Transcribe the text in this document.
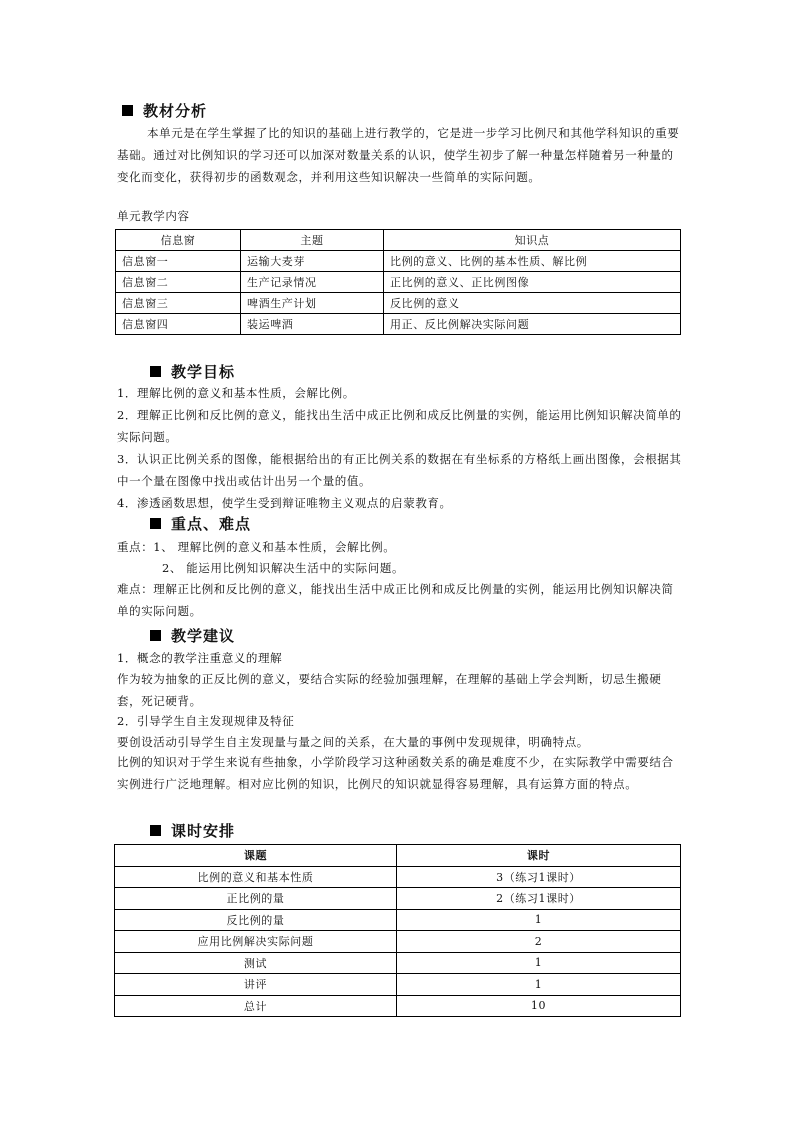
教材分析
本单元是在学生掌握了比的知识的基础上进行教学的，它是进一步学习比例尺和其他学科知识的重要基础。通过对比例知识的学习还可以加深对数量关系的认识，使学生初步了解一种量怎样随着另一种量的变化而变化，获得初步的函数观念，并利用这些知识解决一些简单的实际问题。
单元教学内容
信息窗	主题	知识点
信息窗一	运输大麦芽	比例的意义、比例的基本性质、解比例
信息窗二	生产记录情况	正比例的意义、正比例图像
信息窗三	啤酒生产计划	反比例的意义
信息窗四	装运啤酒	用正、反比例解决实际问题
教学目标
1．理解比例的意义和基本性质，会解比例。
2．理解正比例和反比例的意义，能找出生活中成正比例和成反比例量的实例，能运用比例知识解决简单的实际问题。
3．认识正比例关系的图像，能根据给出的有正比例关系的数据在有坐标系的方格纸上画出图像，会根据其中一个量在图像中找出或估计出另一个量的值。
4．渗透函数思想，使学生受到辩证唯物主义观点的启蒙教育。
重点、难点
重点：1、 理解比例的意义和基本性质，会解比例。
2、 能运用比例知识解决生活中的实际问题。
难点：理解正比例和反比例的意义，能找出生活中成正比例和成反比例量的实例，能运用比例知识解决简单的实际问题。
教学建议
1．概念的教学注重意义的理解
作为较为抽象的正反比例的意义，要结合实际的经验加强理解，在理解的基础上学会判断，切忌生搬硬套，死记硬背。
2．引导学生自主发现规律及特征
要创设活动引导学生自主发现量与量之间的关系，在大量的事例中发现规律，明确特点。
比例的知识对于学生来说有些抽象，小学阶段学习这种函数关系的确是难度不少，在实际教学中需要结合实例进行广泛地理解。相对应比例的知识，比例尺的知识就显得容易理解，具有运算方面的特点。
课时安排
课题	课时
比例的意义和基本性质	3（练习1课时）
正比例的量	2（练习1课时）
反比例的量	1
应用比例解决实际问题	2
测试	1
讲评	1
总计	10
